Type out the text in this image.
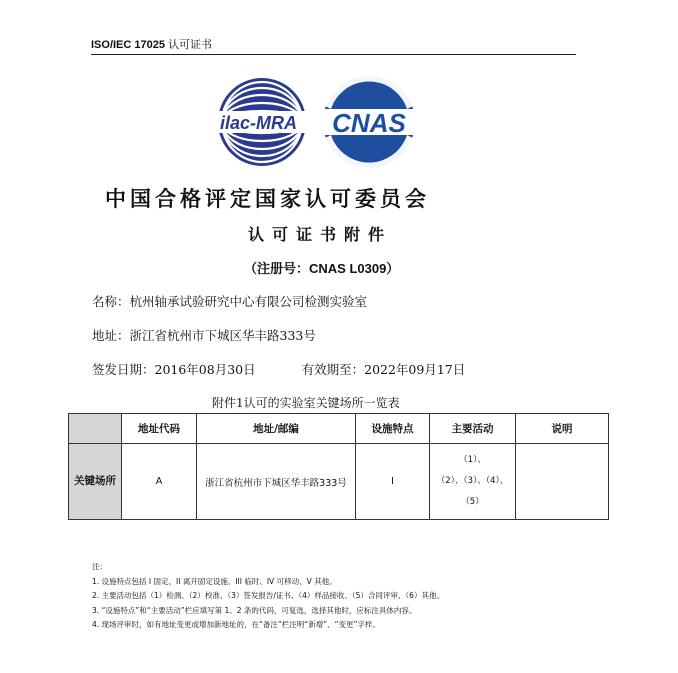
ISO/IEC 17025 认可证书
ilac-MRA CNAS
中国合格评定国家认可委员会
认可证书附件
（注册号：CNAS L0309）
名称：杭州轴承试验研究中心有限公司检测实验室
地址：浙江省杭州市下城区华丰路333号
签发日期：2016年08月30日	有效期至：2022年09月17日
附件1认可的实验室关键场所一览表
	地址代码	地址/邮编	设施特点	主要活动	说明
关键场所	A	浙江省杭州市下城区华丰路333号	I	（1）、
（2）、（3）、（4）、
（5）	

注：
1. 设施特点包括 I 固定、II 离开固定设施、III 临时、IV 可移动、V 其他。
2. 主要活动包括（1）检测、（2）校准、（3）签发报告/证书、（4）样品接收、（5）合同评审、（6）其他。
3. “设施特点”和“主要活动”栏应填写第 1、2 条的代码，可复选，选择其他时，应标注具体内容。
4. 现场评审时，如有地址变更或增加新地址的，在“备注”栏注明“新增”、“变更”字样。
